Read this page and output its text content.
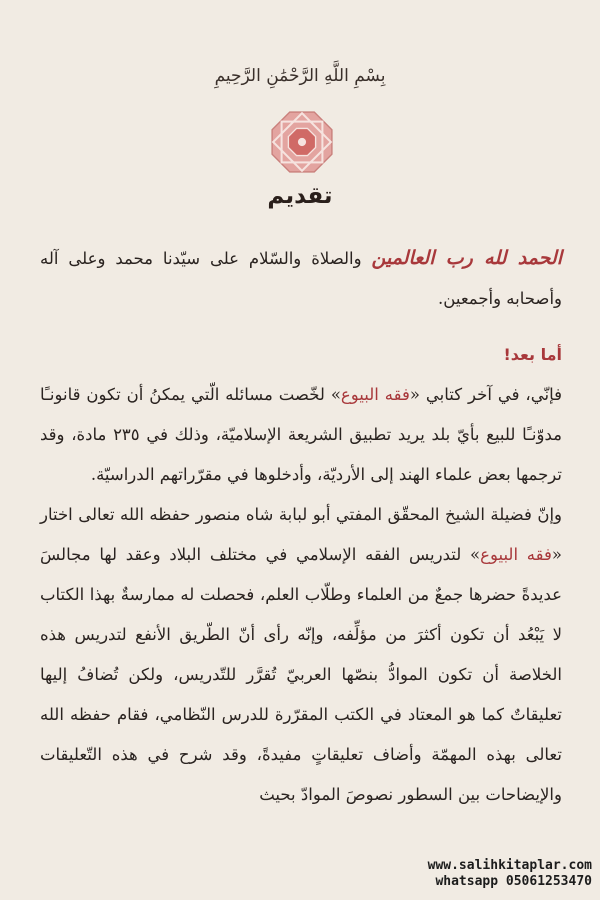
بِسْمِ اللَّهِ الرَّحْمَٰنِ الرَّحِيمِ
تقديم

الحمد لله رب العالمين والصلاة والسّلام على سيّدنا محمد وعلى آله وأصحابه وأجمعين.

أما بعد!

فإنّي، في آخر كتابي «فقه البيوع» لخّصت مسائله الّتي يمكنُ أن تكون قانونـًا مدوّنـًا للبيع بأيّ بلد يريد تطبيق الشريعة الإسلاميّة، وذلك في ٢٣٥ مادة، وقد ترجمها بعض علماء الهند إلى الأرديّة، وأدخلوها في مقرّراتهم الدراسيّة.

وإنّ فضيلة الشيخ المحقّق المفتي أبو لبابة شاه منصور حفظه الله تعالى اختار «فقه البيوع» لتدريس الفقه الإسلامي في مختلف البلاد وعقد لها مجالسَ عديدةً حضرها جمعٌ من العلماء وطلّاب العلم، فحصلت له ممارسةٌ بهذا الكتاب لا يَبْعُد أن تكون أكثرَ من مؤلِّفه، وإنّه رأى أنّ الطّريق الأنفع لتدريس هذه الخلاصة أن تكون الموادُّ بنصّها العربيّ تُقرَّر للتّدريس، ولكن تُضافُ إليها تعليقاتٌ كما هو المعتاد في الكتب المقرّرة للدرس النّظامي، فقام حفظه الله تعالى بهذه المهمّة وأضاف تعليقاتٍ مفيدةً، وقد شرح في هذه التّعليقات والإيضاحات بين السطور نصوصَ الموادّ بحيث

www.salihkitaplar.com
whatsapp 05061253470
